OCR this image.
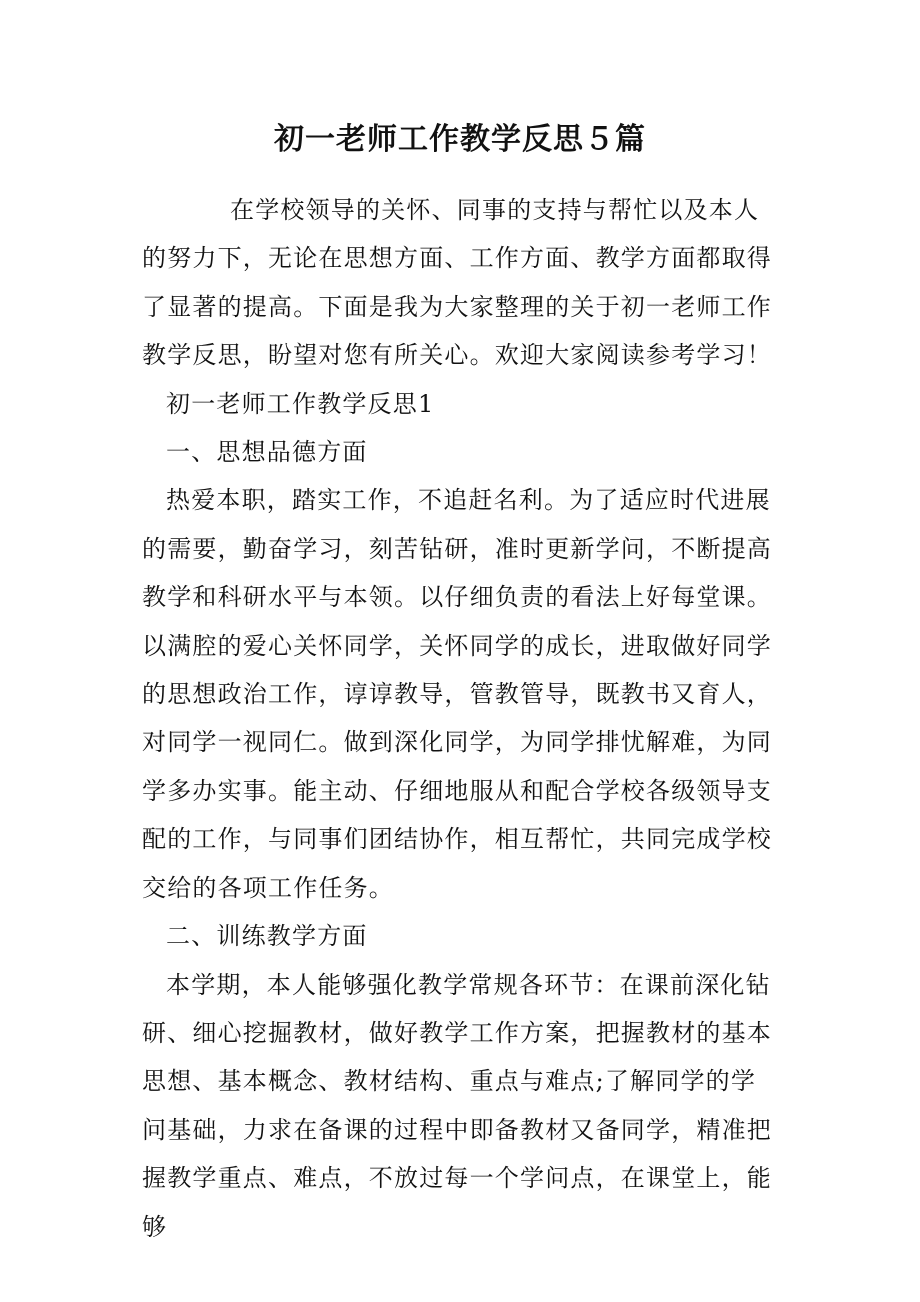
初一老师工作教学反思５篇

在学校领导的关怀、同事的支持与帮忙以及本人的努力下，无论在思想方面、工作方面、教学方面都取得了显著的提高。下面是我为大家整理的关于初一老师工作教学反思，盼望对您有所关心。欢迎大家阅读参考学习！

初一老师工作教学反思1

一、思想品德方面

热爱本职，踏实工作，不追赶名利。为了适应时代进展的需要，勤奋学习，刻苦钻研，准时更新学问，不断提高教学和科研水平与本领。以仔细负责的看法上好每堂课。以满腔的爱心关怀同学，关怀同学的成长，进取做好同学的思想政治工作，谆谆教导，管教管导，既教书又育人，对同学一视同仁。做到深化同学，为同学排忧解难，为同学多办实事。能主动、仔细地服从和配合学校各级领导支配的工作，与同事们团结协作，相互帮忙，共同完成学校交给的各项工作任务。

二、训练教学方面

本学期，本人能够强化教学常规各环节：在课前深化钻研、细心挖掘教材，做好教学工作方案，把握教材的基本思想、基本概念、教材结构、重点与难点;了解同学的学问基础，力求在备课的过程中即备教材又备同学，精准把握教学重点、难点，不放过每一个学问点，在课堂上，能够
